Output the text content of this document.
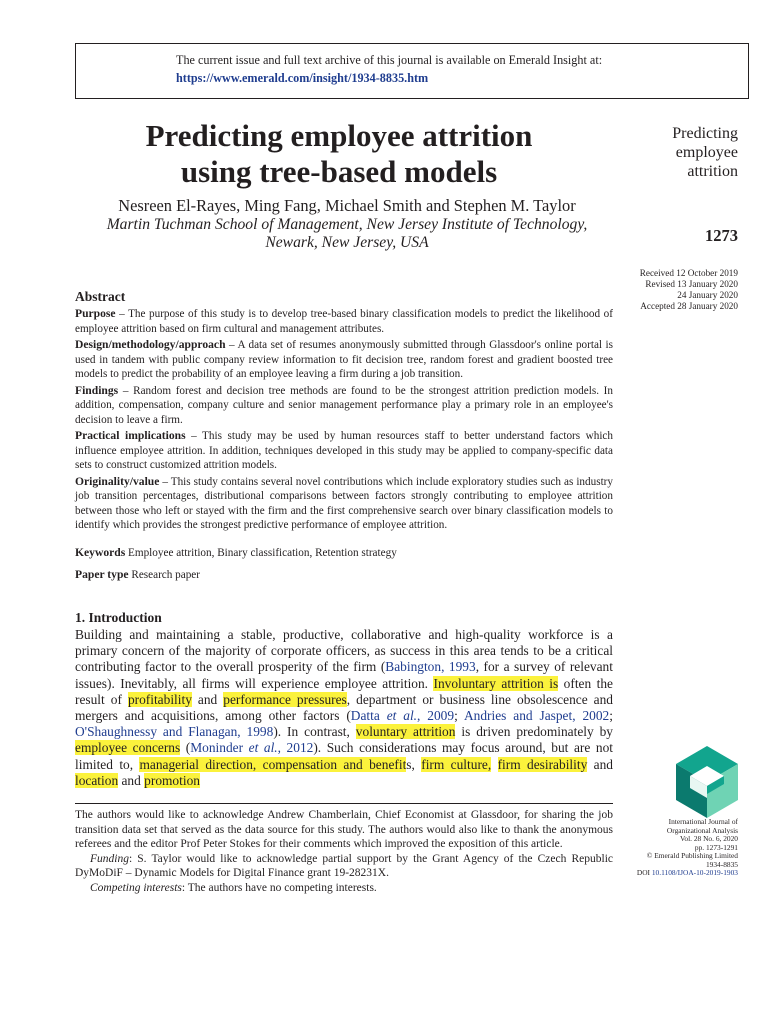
The current issue and full text archive of this journal is available on Emerald Insight at:
https://www.emerald.com/insight/1934-8835.htm
Predicting employee attrition
using tree-based models
Nesreen El-Rayes, Ming Fang, Michael Smith and Stephen M. Taylor
Martin Tuchman School of Management, New Jersey Institute of Technology,
Newark, New Jersey, USA
Predicting
employee
attrition
1273
Received 12 October 2019
Revised 13 January 2020
24 January 2020
Accepted 28 January 2020
Abstract
Purpose – The purpose of this study is to develop tree-based binary classification models to predict the likelihood of employee attrition based on firm cultural and management attributes.
Design/methodology/approach – A data set of resumes anonymously submitted through Glassdoor's online portal is used in tandem with public company review information to fit decision tree, random forest and gradient boosted tree models to predict the probability of an employee leaving a firm during a job transition.
Findings – Random forest and decision tree methods are found to be the strongest attrition prediction models. In addition, compensation, company culture and senior management performance play a primary role in an employee's decision to leave a firm.
Practical implications – This study may be used by human resources staff to better understand factors which influence employee attrition. In addition, techniques developed in this study may be applied to company-specific data sets to construct customized attrition models.
Originality/value – This study contains several novel contributions which include exploratory studies such as industry job transition percentages, distributional comparisons between factors strongly contributing to employee attrition between those who left or stayed with the firm and the first comprehensive search over binary classification models to identify which provides the strongest predictive performance of employee attrition.
Keywords Employee attrition, Binary classification, Retention strategy
Paper type Research paper
1. Introduction
Building and maintaining a stable, productive, collaborative and high-quality workforce is a primary concern of the majority of corporate officers, as success in this area tends to be a critical contributing factor to the overall prosperity of the firm (Babington, 1993, for a survey of relevant issues). Inevitably, all firms will experience employee attrition. Involuntary attrition is often the result of profitability and performance pressures, department or business line obsolescence and mergers and acquisitions, among other factors (Datta et al., 2009; Andries and Jaspet, 2002; O'Shaughnessy and Flanagan, 1998). In contrast, voluntary attrition is driven predominately by employee concerns (Moninder et al., 2012). Such considerations may focus around, but are not limited to, managerial direction, compensation and benefits, firm culture, firm desirability and location and promotion

The authors would like to acknowledge Andrew Chamberlain, Chief Economist at Glassdoor, for sharing the job transition data set that served as the data source for this study. The authors would also like to thank the anonymous referees and the editor Prof Peter Stokes for their comments which improved the exposition of this article.

Funding: S. Taylor would like to acknowledge partial support by the Grant Agency of the Czech Republic DyMoDiF – Dynamic Models for Digital Finance grant 19-28231X.

Competing interests: The authors have no competing interests.

International Journal of
Organizational Analysis
Vol. 28 No. 6, 2020
pp. 1273-1291
© Emerald Publishing Limited
1934-8835
DOI 10.1108/IJOA-10-2019-1903
